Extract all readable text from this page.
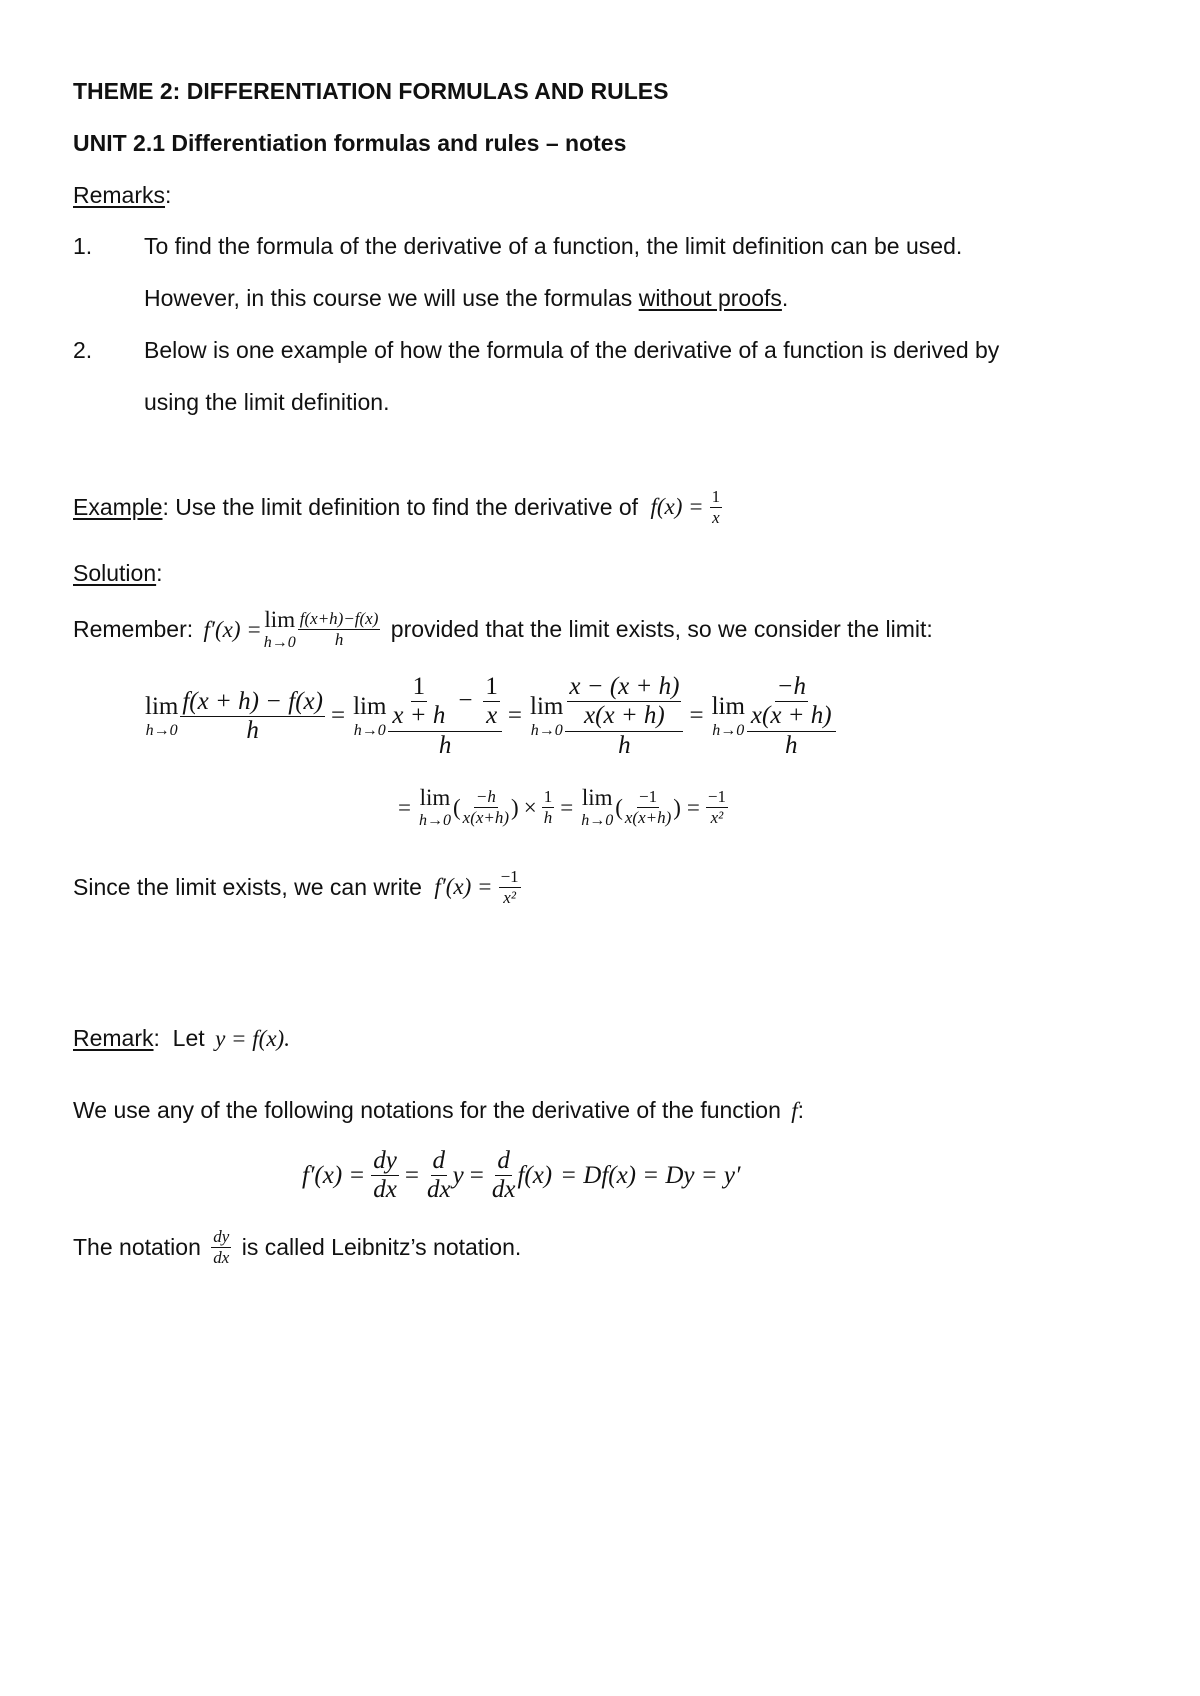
THEME 2: DIFFERENTIATION FORMULAS AND RULES
UNIT 2.1 Differentiation formulas and rules – notes
Remarks:
1. To find the formula of the derivative of a function, the limit definition can be used.
However, in this course we will use the formulas without proofs.
2. Below is one example of how the formula of the derivative of a function is derived by
using the limit definition.
Example : Use the limit definition to find the derivative of $f(x) = \frac{1}{x}$
Solution:
Remember: f′(x) = lim
$h\to 0 \frac{f(x+h)-f(x)}{h}$ provided that the limit exists, so we consider the limit:
lim
$h\to 0 \frac{f(x + h) - f(x)}{h} = \lim$
$h\to 0 \frac{\frac{1}{x + h} - \frac{1}{x}}{h} = \lim$
$h\to 0 \frac{\frac{x - (x + h)}{x(x + h)}}{h} = \lim$
$h\to 0 \frac{\frac{-h}{x(x + h)}}{h}$
= lim
h→0
( $\frac{-h}{x(x+h)}$ ) × $\frac{1}{h} = \lim$
h→0
( $\frac{-1}{x(x+h)}$ ) = $\frac{-1}{\text{x²}}$
Since the limit exists, we can write $f'(x) = \frac{-1}{\text{x²}}$
Remark :  Let y = f(x).
We use any of the following notations for the derivative of the function f :
$f'(x) = \frac{dy}{dx} = \frac{d}{dx}$ $y = \frac{d}{dx} f(x) = Df(x) = Dy = y'$
The notation $\frac{dy}{dx}$ is called Leibnitz’s notation.
